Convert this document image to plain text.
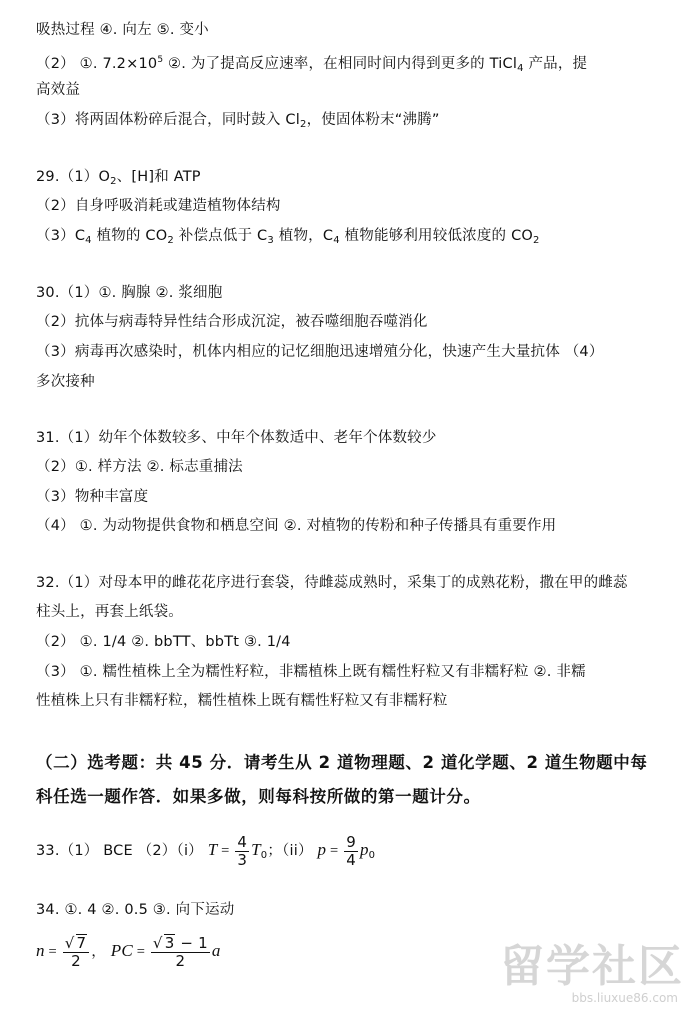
吸热过程 ④. 向左 ⑤. 变小
（2） ①. $7.2\times 10^5$ ②. 为了提高反应速率，在相同时间内得到更多的 TiCl$_4$ 产品，提
高效益
（3）将两固体粉碎后混合，同时鼓入 $Cl_2$，使固体粉末“沸腾”
$29.(1)O_2$、[H]和 ATP
（2）自身呼吸消耗或建造植物体结构
$(3)C_4$ 植物的 $CO_2$ 补偿点低于 $C_3$ 植物，$C_4$ 植物能够利用较低浓度的 $CO_2$
30.（1）①. 胸腺 ②. 浆细胞
（2）抗体与病毒特异性结合形成沉淀，被吞噬细胞吞噬消化
（3）病毒再次感染时，机体内相应的记忆细胞迅速增殖分化，快速产生大量抗体 （4）
多次接种
31.（1）幼年个体数较多、中年个体数适中、老年个体数较少
（2）①. 样方法 ②. 标志重捕法
（3）物种丰富度
（4） ①. 为动物提供食物和栖息空间 ②. 对植物的传粉和种子传播具有重要作用
32.（1）对母本甲的雌花花序进行套袋，待雌蕊成熟时，采集丁的成熟花粉，撒在甲的雌蕊
柱头上，再套上纸袋。
（2） ①. 1/4 ②. bbTT、bbTt ③. 1/4
（3） ①. 糯性植株上全为糯性籽粒，非糯植株上既有糯性籽粒又有非糯籽粒 ②. 非糯
性植株上只有非糯籽粒，糯性植株上既有糯性籽粒又有非糯籽粒
（二）选考题：共 45 分．请考生从 2 道物理题、2 道化学题、2 道生物题中每
科任选一题作答．如果多做，则每科按所做的第一题计分。
33.（1） BCE （2）（i） $T = \frac{4}{3} T_0$；（ii） $p = \frac{9}{4} p_0$
34. ①. 4 ②. 0.5 ③. 向下运动
$n = \frac{√ 7}{2}$ ， PC = $\frac{√ 3 - 1}{2}$ a	留学社区
bbs.liuxue86.com
